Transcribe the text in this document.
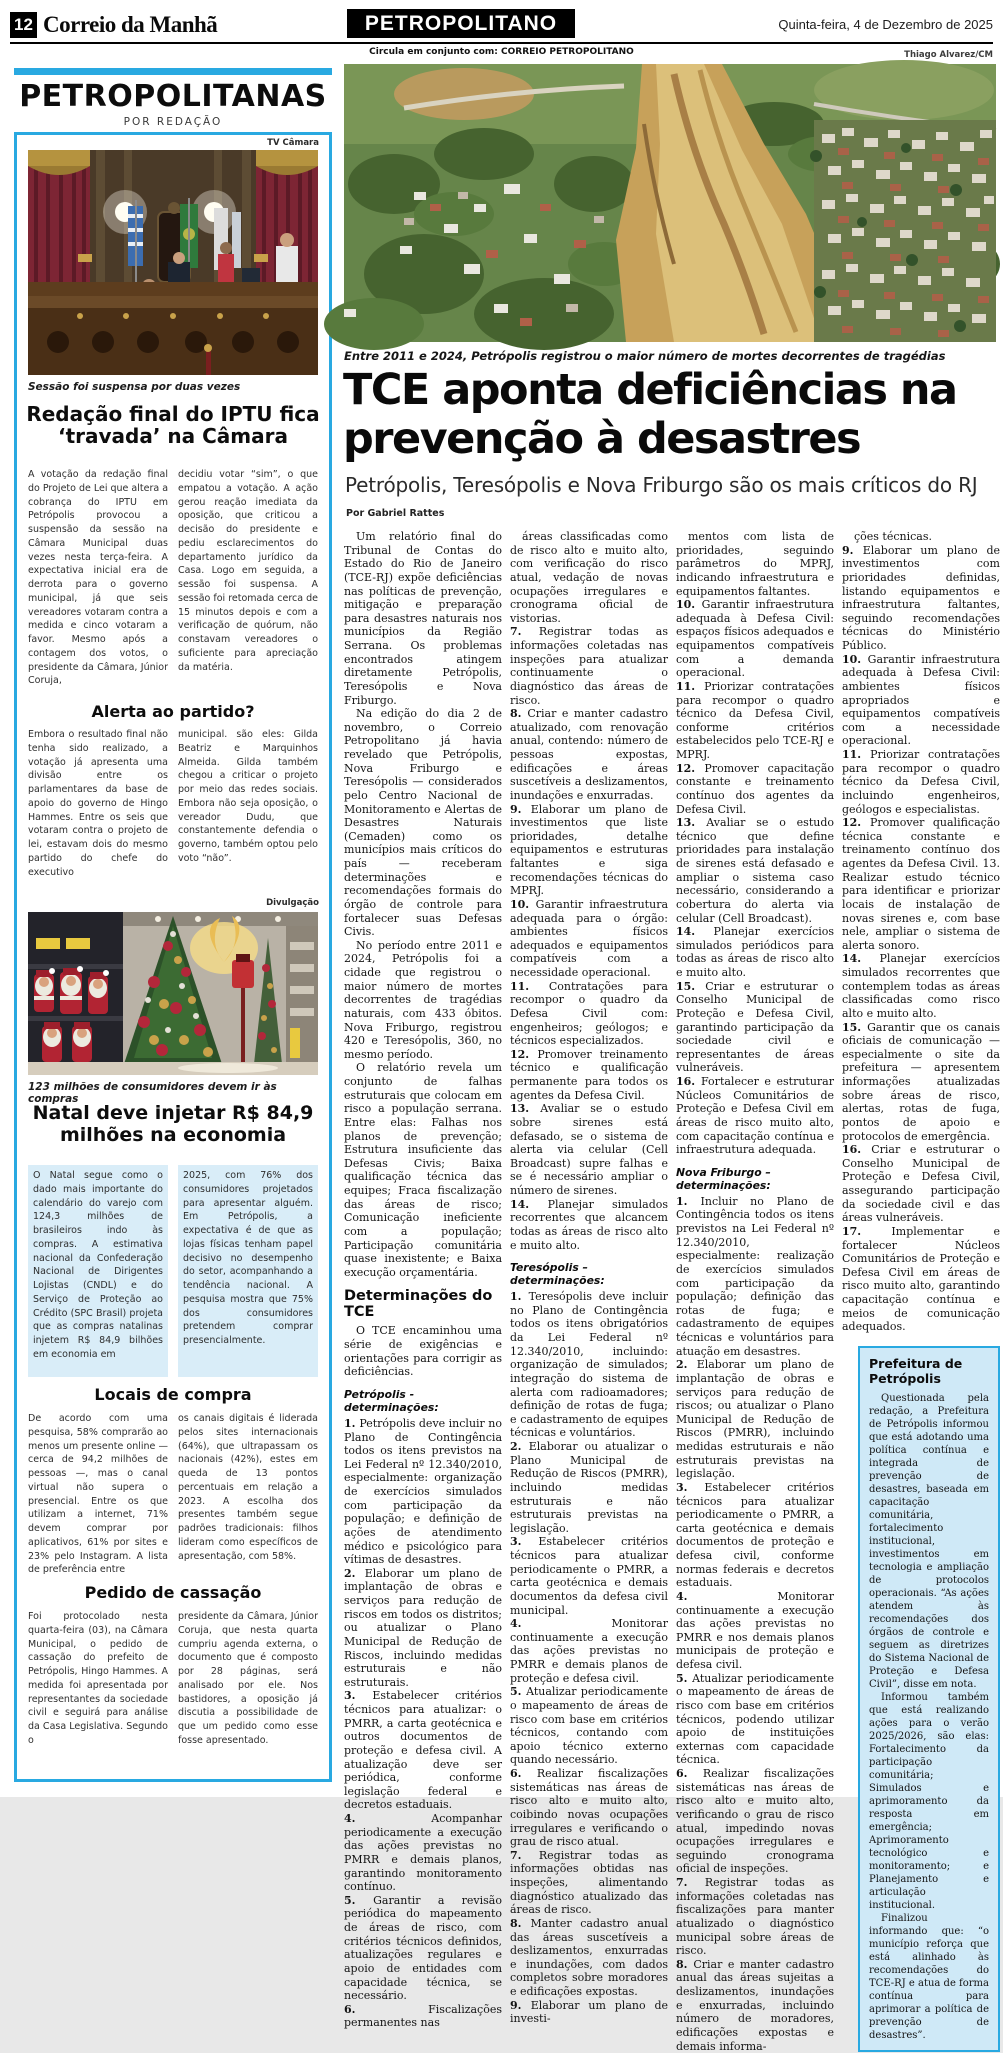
12 Correio da Manhã	PETROPOLITANO	Quinta-feira, 4 de Dezembro de 2025
Circula em conjunto com: CORREIO PETROPOLITANO
PETROPOLITANAS
POR REDAÇÃO
TV Câmara
Sessão foi suspensa por duas vezes
Redação final do IPTU fica ‘travada’ na Câmara
A votação da redação final do Projeto de Lei que altera a cobrança do IPTU em Petrópolis provocou a suspensão da sessão na Câmara Municipal duas vezes nesta terça-feira. A expectativa inicial era de derrota para o governo municipal, já que seis vereadores votaram contra a medida e cinco votaram a favor. Mesmo após a contagem dos votos, o presidente da Câmara, Júnior Coruja,
decidiu votar “sim”, o que empatou a votação. A ação gerou reação imediata da oposição, que criticou a decisão do presidente e pediu esclarecimentos do departamento jurídico da Casa. Logo em seguida, a sessão foi suspensa. A sessão foi retomada cerca de 15 minutos depois e com a verificação de quórum, não constavam vereadores o suficiente para apreciação da matéria.
Alerta ao partido?
Embora o resultado final não tenha sido realizado, a votação já apresenta uma divisão entre os parlamentares da base de apoio do governo de Hingo Hammes. Entre os seis que votaram contra o projeto de lei, estavam dois do mesmo partido do chefe do executivo
municipal. são eles: Gilda Beatriz e Marquinhos Almeida. Gilda também chegou a criticar o projeto por meio das redes sociais. Embora não seja oposição, o vereador Dudu, que constantemente defendia o governo, também optou pelo voto “não”.
Divulgação
123 milhões de consumidores devem ir às compras
Natal deve injetar R$ 84,9 milhões na economia
O Natal segue como o dado mais importante do calendário do varejo com 124,3 milhões de brasileiros indo às compras. A estimativa nacional da Confederação Nacional de Dirigentes Lojistas (CNDL) e do Serviço de Proteção ao Crédito (SPC Brasil) projeta que as compras natalinas injetem R$ 84,9 bilhões em economia em
2025, com 76% dos consumidores projetados para apresentar alguém. Em Petrópolis, a expectativa é de que as lojas físicas tenham papel decisivo no desempenho do setor, acompanhando a tendência nacional. A pesquisa mostra que 75% dos consumidores pretendem comprar presencialmente.
Locais de compra
De acordo com uma pesquisa, 58% comprarão ao menos um presente online — cerca de 94,2 milhões de pessoas —, mas o canal virtual não supera o presencial. Entre os que utilizam a internet, 71% devem comprar por aplicativos, 61% por sites e 23% pelo Instagram. A lista de preferência entre
os canais digitais é liderada pelos sites internacionais (64%), que ultrapassam os nacionais (42%), estes em queda de 13 pontos percentuais em relação a 2023. A escolha dos presentes também segue padrões tradicionais: filhos lideram como específicos de apresentação, com 58%.
Pedido de cassação
Foi protocolado nesta quarta-feira (03), na Câmara Municipal, o pedido de cassação do prefeito de Petrópolis, Hingo Hammes. A medida foi apresentada por representantes da sociedade civil e seguirá para análise da Casa Legislativa. Segundo o
presidente da Câmara, Júnior Coruja, que nesta quarta cumpriu agenda externa, o documento que é composto por 28 páginas, será analisado por ele. Nos bastidores, a oposição já discutia a possibilidade de que um pedido como esse fosse apresentado.
Thiago Alvarez/CM
Entre 2011 e 2024, Petrópolis registrou o maior número de mortes decorrentes de tragédias
TCE aponta deficiências na prevenção à desastres
Petrópolis, Teresópolis e Nova Friburgo são os mais críticos do RJ
Por Gabriel Rattes

Um relatório final do Tribunal de Contas do Estado do Rio de Janeiro (TCE-RJ) expõe deficiências nas políticas de prevenção, mitigação e preparação para desastres naturais nos municípios da Região Serrana. Os problemas encontrados atingem diretamente Petrópolis, Teresópolis e Nova Friburgo.

Na edição do dia 2 de novembro, o Correio Petropolitano já havia revelado que Petrópolis, Nova Friburgo e Teresópolis — considerados pelo Centro Nacional de Monitoramento e Alertas de Desastres Naturais (Cemaden) como os municípios mais críticos do país — receberam determinações e recomendações formais do órgão de controle para fortalecer suas Defesas Civis.

No período entre 2011 e 2024, Petrópolis foi a cidade que registrou o maior número de mortes decorrentes de tragédias naturais, com 433 óbitos. Nova Friburgo, registrou 420 e Teresópolis, 360, no mesmo período.

O relatório revela um conjunto de falhas estruturais que colocam em risco a população serrana. Entre elas: Falhas nos planos de prevenção; Estrutura insuficiente das Defesas Civis; Baixa qualificação técnica das equipes; Fraca fiscalização das áreas de risco; Comunicação ineficiente com a população; Participação comunitária quase inexistente; e Baixa execução orçamentária.

Determinações do TCE

O TCE encaminhou uma série de exigências e orientações para corrigir as deficiências.

Petrópolis - determinações:

1. Petrópolis deve incluir no Plano de Contingência todos os itens previstos na Lei Federal nº 12.340/2010, especialmente: organização de exercícios simulados com participação da população; e definição de ações de atendimento médico e psicológico para vítimas de desastres.

2. Elaborar um plano de implantação de obras e serviços para redução de riscos em todos os distritos; ou atualizar o Plano Municipal de Redução de Riscos, incluindo medidas estruturais e não estruturais.

3. Estabelecer critérios técnicos para atualizar: o PMRR, a carta geotécnica e outros documentos de proteção e defesa civil. A atualização deve ser periódica, conforme legislação federal e decretos estaduais.

4. Acompanhar periodicamente a execução das ações previstas no PMRR e demais planos, garantindo monitoramento contínuo.

5. Garantir a revisão periódica do mapeamento de áreas de risco, com critérios técnicos definidos, atualizações regulares e apoio de entidades com capacidade técnica, se necessário.

6. Fiscalizações permanentes nas

áreas classificadas como de risco alto e muito alto, com verificação do risco atual, vedação de novas ocupações irregulares e cronograma oficial de vistorias.

7. Registrar todas as informações coletadas nas inspeções para atualizar continuamente o diagnóstico das áreas de risco.

8. Criar e manter cadastro atualizado, com renovação anual, contendo: número de pessoas expostas, edificações e áreas suscetíveis a deslizamentos, inundações e enxurradas.

9. Elaborar um plano de investimentos que liste prioridades, detalhe equipamentos e estruturas faltantes e siga recomendações técnicas do MPRJ.

10. Garantir infraestrutura adequada para o órgão: ambientes físicos adequados e equipamentos compatíveis com a necessidade operacional.

11. Contratações para recompor o quadro da Defesa Civil com: engenheiros; geólogos; e técnicos especializados.

12. Promover treinamento técnico e qualificação permanente para todos os agentes da Defesa Civil.

13. Avaliar se o estudo sobre sirenes está defasado, se o sistema de alerta via celular (Cell Broadcast) supre falhas e se é necessário ampliar o número de sirenes.

14. Planejar simulados recorrentes que alcancem todas as áreas de risco alto e muito alto.

Teresópolis – determinações:

1. Teresópolis deve incluir no Plano de Contingência todos os itens obrigatórios da Lei Federal nº 12.340/2010, incluindo: organização de simulados; integração do sistema de alerta com radioamadores; definição de rotas de fuga; e cadastramento de equipes técnicas e voluntários.

2. Elaborar ou atualizar o Plano Municipal de Redução de Riscos (PMRR), incluindo medidas estruturais e não estruturais previstas na legislação.

3. Estabelecer critérios técnicos para atualizar periodicamente o PMRR, a carta geotécnica e demais documentos da defesa civil municipal.

4. Monitorar continuamente a execução das ações previstas no PMRR e demais planos de proteção e defesa civil.

5. Atualizar periodicamente o mapeamento de áreas de risco com base em critérios técnicos, contando com apoio técnico externo quando necessário.

6. Realizar fiscalizações sistemáticas nas áreas de risco alto e muito alto, coibindo novas ocupações irregulares e verificando o grau de risco atual.

7. Registrar todas as informações obtidas nas inspeções, alimentando diagnóstico atualizado das áreas de risco.

8. Manter cadastro anual das áreas suscetíveis a deslizamentos, enxurradas e inundações, com dados completos sobre moradores e edificações expostas.

9. Elaborar um plano de investi-

mentos com lista de prioridades, seguindo parâmetros do MPRJ, indicando infraestrutura e equipamentos faltantes.

10. Garantir infraestrutura adequada à Defesa Civil: espaços físicos adequados e equipamentos compatíveis com a demanda operacional.

11. Priorizar contratações para recompor o quadro técnico da Defesa Civil, conforme critérios estabelecidos pelo TCE-RJ e MPRJ.

12. Promover capacitação constante e treinamento contínuo dos agentes da Defesa Civil.

13. Avaliar se o estudo técnico que define prioridades para instalação de sirenes está defasado e ampliar o sistema caso necessário, considerando a cobertura do alerta via celular (Cell Broadcast).

14. Planejar exercícios simulados periódicos para todas as áreas de risco alto e muito alto.

15. Criar e estruturar o Conselho Municipal de Proteção e Defesa Civil, garantindo participação da sociedade civil e representantes de áreas vulneráveis.

16. Fortalecer e estruturar Núcleos Comunitários de Proteção e Defesa Civil em áreas de risco muito alto, com capacitação contínua e infraestrutura adequada.

Nova Friburgo – determinações:

1. Incluir no Plano de Contingência todos os itens previstos na Lei Federal nº 12.340/2010, especialmente: realização de exercícios simulados com participação da população; definição das rotas de fuga; e cadastramento de equipes técnicas e voluntários para atuação em desastres.

2. Elaborar um plano de implantação de obras e serviços para redução de riscos; ou atualizar o Plano Municipal de Redução de Riscos (PMRR), incluindo medidas estruturais e não estruturais previstas na legislação.

3. Estabelecer critérios técnicos para atualizar periodicamente o PMRR, a carta geotécnica e demais documentos de proteção e defesa civil, conforme normas federais e decretos estaduais.

4. Monitorar continuamente a execução das ações previstas no PMRR e nos demais planos municipais de proteção e defesa civil.

5. Atualizar periodicamente o mapeamento de áreas de risco com base em critérios técnicos, podendo utilizar apoio de instituições externas com capacidade técnica.

6. Realizar fiscalizações sistemáticas nas áreas de risco alto e muito alto, verificando o grau de risco atual, impedindo novas ocupações irregulares e seguindo cronograma oficial de inspeções.

7. Registrar todas as informações coletadas nas fiscalizações para manter atualizado o diagnóstico municipal sobre áreas de risco.

8. Criar e manter cadastro anual das áreas sujeitas a deslizamentos, inundações e enxurradas, incluindo número de moradores, edificações expostas e demais informa-

ções técnicas.

9. Elaborar um plano de investimentos com prioridades definidas, listando equipamentos e infraestrutura faltantes, seguindo recomendações técnicas do Ministério Público.

10. Garantir infraestrutura adequada à Defesa Civil: ambientes físicos apropriados e equipamentos compatíveis com a necessidade operacional.

11. Priorizar contratações para recompor o quadro técnico da Defesa Civil, incluindo engenheiros, geólogos e especialistas.

12. Promover qualificação técnica constante e treinamento contínuo dos agentes da Defesa Civil. 13. Realizar estudo técnico para identificar e priorizar locais de instalação de novas sirenes e, com base nele, ampliar o sistema de alerta sonoro.

14. Planejar exercícios simulados recorrentes que contemplem todas as áreas classificadas como risco alto e muito alto.

15. Garantir que os canais oficiais de comunicação — especialmente o site da prefeitura — apresentem informações atualizadas sobre áreas de risco, alertas, rotas de fuga, pontos de apoio e protocolos de emergência.

16. Criar e estruturar o Conselho Municipal de Proteção e Defesa Civil, assegurando participação da sociedade civil e das áreas vulneráveis.

17. Implementar e fortalecer Núcleos Comunitários de Proteção e Defesa Civil em áreas de risco muito alto, garantindo capacitação contínua e meios de comunicação adequados.

Prefeitura de Petrópolis

Questionada pela redação, a Prefeitura de Petrópolis informou que está adotando uma política contínua e integrada de prevenção de desastres, baseada em capacitação comunitária, fortalecimento institucional, investimentos em tecnologia e ampliação de protocolos operacionais. “As ações atendem às recomendações dos órgãos de controle e seguem as diretrizes do Sistema Nacional de Proteção e Defesa Civil”, disse em nota.

Informou também que está realizando ações para o verão 2025/2026, são elas: Fortalecimento da participação comunitária; Simulados e aprimoramento da resposta em emergência; Aprimoramento tecnológico e monitoramento; e Planejamento e articulação institucional.

Finalizou informando que: “o município reforça que está alinhado às recomendações do TCE-RJ e atua de forma contínua para aprimorar a política de prevenção de desastres”.
